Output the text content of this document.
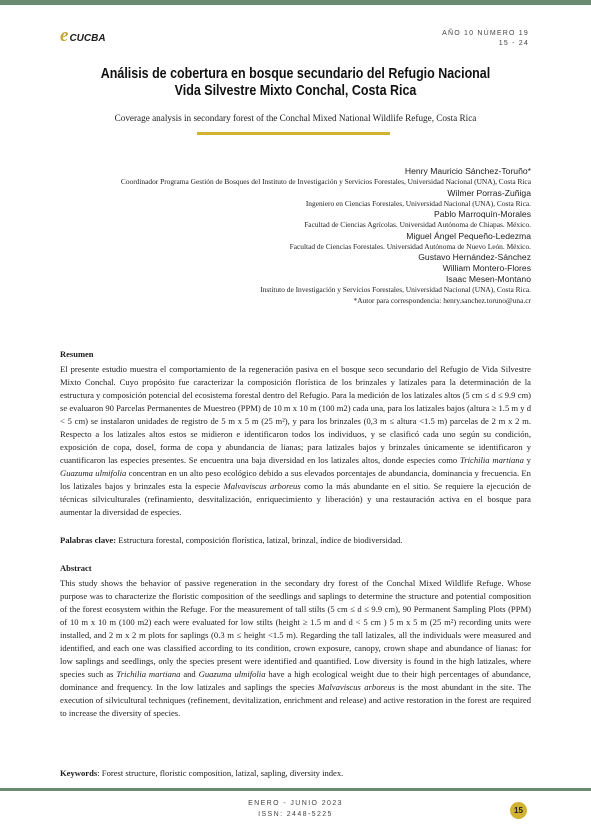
e CUCBA	AÑO 10 NÚMERO 19
15 - 24
Análisis de cobertura en bosque secundario del Refugio Nacional Vida Silvestre Mixto Conchal, Costa Rica
Coverage analysis in secondary forest of the Conchal Mixed National Wildlife Refuge, Costa Rica
Henry Mauricio Sánchez-Toruño*
Coordinador Programa Gestión de Bosques del Instituto de Investigación y Servicios Forestales, Universidad Nacional (UNA), Costa Rica
Wilmer Porras-Zuñiga
Ingeniero en Ciencias Forestales, Universidad Nacional (UNA), Costa Rica.
Pablo Marroquín-Morales
Facultad de Ciencias Agrícolas. Universidad Autónoma de Chiapas. México.
Miguel Ángel Pequeño-Ledezma
Facultad de Ciencias Forestales. Universidad Autónoma de Nuevo León. México.
Gustavo Hernández-Sánchez
William Montero-Flores
Isaac Mesen-Montano
Instituto de Investigación y Servicios Forestales, Universidad Nacional (UNA), Costa Rica.
*Autor para correspondencia: henry.sanchez.toruno@una.cr
Resumen
El presente estudio muestra el comportamiento de la regeneración pasiva en el bosque seco secundario del Refugio de Vida Silvestre Mixto Conchal. Cuyo propósito fue caracterizar la composición florística de los brinzales y latizales para la determinación de la estructura y composición potencial del ecosistema forestal dentro del Refugio. Para la medición de los latizales altos (5 cm ≤ d ≤ 9.9 cm) se evaluaron 90 Parcelas Permanentes de Muestreo (PPM) de 10 m x 10 m (100 m2) cada una, para los latizales bajos (altura ≥ 1.5 m y d < 5 cm) se instalaron unidades de registro de 5 m x 5 m (25 m²), y para los brinzales (0,3 m ≤ altura <1.5 m) parcelas de 2 m x 2 m. Respecto a los latizales altos estos se midieron e identificaron todos los individuos, y se clasificó cada uno según su condición, exposición de copa, dosel, forma de copa y abundancia de lianas; para latizales bajos y brinzales únicamente se identificaron y cuantificaron las especies presentes. Se encuentra una baja diversidad en los latizales altos, donde especies como Trichilia martiana y Guazuma ulmifolia concentran en un alto peso ecológico debido a sus elevados porcentajes de abundancia, dominancia y frecuencia. En los latizales bajos y brinzales esta la especie Malvaviscus arboreus como la más abundante en el sitio. Se requiere la ejecución de técnicas silviculturales (refinamiento, desvitalización, enriquecimiento y liberación) y una restauración activa en el bosque para aumentar la diversidad de especies.
Palabras clave: Estructura forestal, composición florística, latizal, brinzal, índice de biodiversidad.
Abstract
This study shows the behavior of passive regeneration in the secondary dry forest of the Conchal Mixed Wildlife Refuge. Whose purpose was to characterize the floristic composition of the seedlings and saplings to determine the structure and potential composition of the forest ecosystem within the Refuge. For the measurement of tall stilts (5 cm ≤ d ≤ 9.9 cm), 90 Permanent Sampling Plots (PPM) of 10 m x 10 m (100 m2) each were evaluated for low stilts (height ≥ 1.5 m and d < 5 cm ) 5 m x 5 m (25 m²) recording units were installed, and 2 m x 2 m plots for saplings (0.3 m ≤ height <1.5 m). Regarding the tall latizales, all the individuals were measured and identified, and each one was classified according to its condition, crown exposure, canopy, crown shape and abundance of lianas: for low saplings and seedlings, only the species present were identified and quantified. Low diversity is found in the high latizales, where species such as Trichilia martiana and Guazuma ulmifolia have a high ecological weight due to their high percentages of abundance, dominance and frequency. In the low latizales and saplings the species Malvaviscus arboreus is the most abundant in the site. The execution of silvicultural techniques (refinement, devitalization, enrichment and release) and active restoration in the forest are required to increase the diversity of species.
Keywords: Forest structure, floristic composition, latizal, sapling, diversity index.
ENERO - JUNIO 2023
ISSN: 2448-5225	15
